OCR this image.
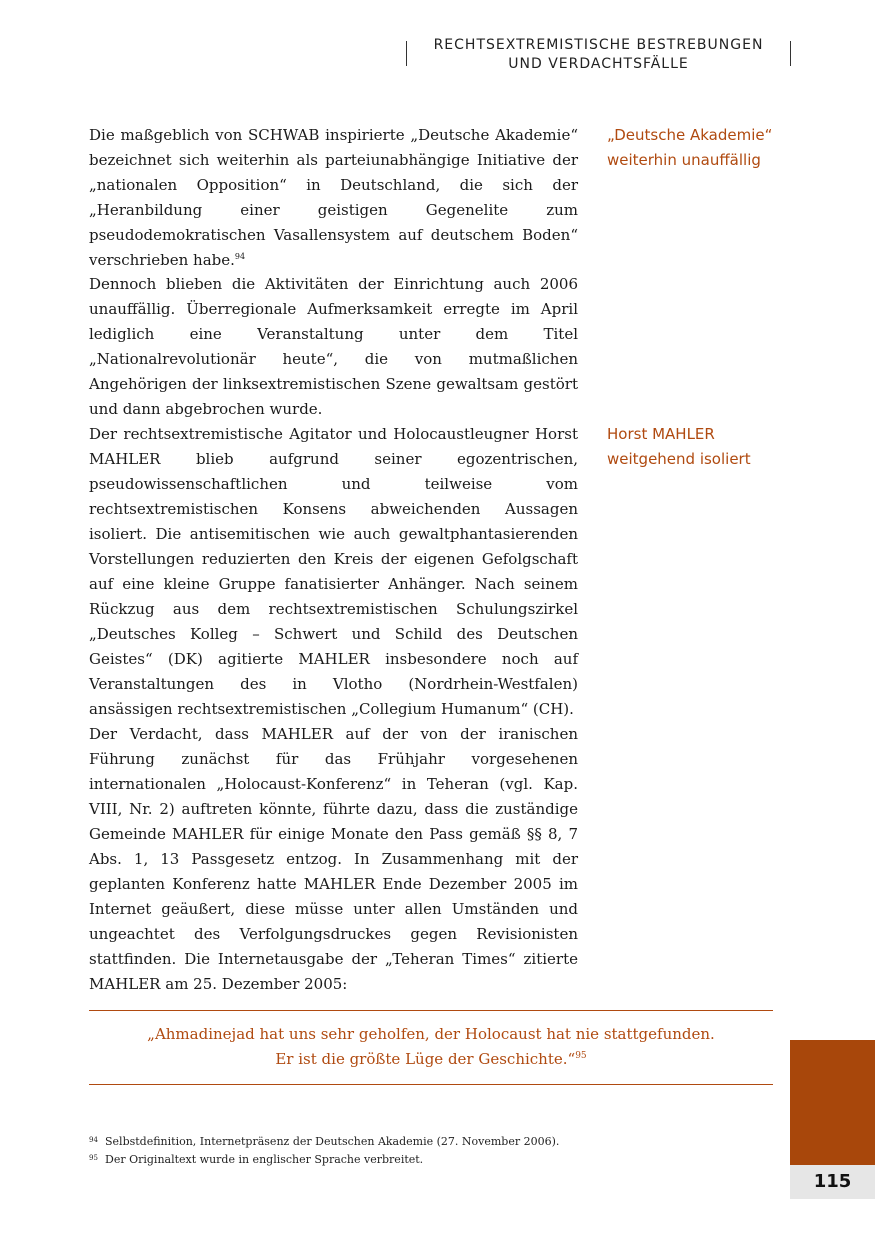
RECHTSEXTREMISTISCHE BESTREBUNGEN
UND VERDACHTSFÄLLE

Die maßgeblich von SCHWAB inspirierte „Deutsche Akademie“ bezeichnet sich weiterhin als parteiunabhängige Initiative der „nationalen Opposition“ in Deutschland, die sich der „Heranbildung einer geistigen Gegenelite zum pseudodemokratischen Vasallensystem auf deutschem Boden“ verschrieben habe.$^{94}$

Dennoch blieben die Aktivitäten der Einrichtung auch 2006 unauffällig. Überregionale Aufmerksamkeit erregte im April lediglich eine Veranstaltung unter dem Titel „Nationalrevolutionär heute“, die von mutmaßlichen Angehörigen der linksextremistischen Szene gewaltsam gestört und dann abgebrochen wurde.

Der rechtsextremistische Agitator und Holocaustleugner Horst MAHLER blieb aufgrund seiner egozentrischen, pseudowissenschaftlichen und teilweise vom rechtsextremistischen Konsens abweichenden Aussagen isoliert. Die antisemitischen wie auch gewaltphantasierenden Vorstellungen reduzierten den Kreis der eigenen Gefolgschaft auf eine kleine Gruppe fanatisierter Anhänger. Nach seinem Rückzug aus dem rechtsextremistischen Schulungszirkel „Deutsches Kolleg – Schwert und Schild des Deutschen Geistes“ (DK) agitierte MAHLER insbesondere noch auf Veranstaltungen des in Vlotho (Nordrhein-Westfalen) ansässigen rechtsextremistischen „Collegium Humanum“ (CH).

Der Verdacht, dass MAHLER auf der von der iranischen Führung zunächst für das Frühjahr vorgesehenen internationalen „Holocaust-Konferenz“ in Teheran (vgl. Kap. VIII, Nr. 2) auftreten könnte, führte dazu, dass die zuständige Gemeinde MAHLER für einige Monate den Pass gemäß §§ 8, 7 Abs. 1, 13 Passgesetz entzog. In Zusammenhang mit der geplanten Konferenz hatte MAHLER Ende Dezember 2005 im Internet geäußert, diese müsse unter allen Umständen und ungeachtet des Verfolgungsdruckes gegen Revisionisten stattfinden. Die Internetausgabe der „Teheran Times“ zitierte MAHLER am 25. Dezember 2005:

„Deutsche Akademie“
weiterhin unauffällig
Horst MAHLER
weitgehend isoliert
„Ahmadinejad hat uns sehr geholfen, der Holocaust hat nie stattgefunden.
Er ist die größte Lüge der Geschichte.“$^{95}$
94 Selbstdefinition, Internetpräsenz der Deutschen Akademie (27. November 2006).
95 Der Originaltext wurde in englischer Sprache verbreitet.
115
